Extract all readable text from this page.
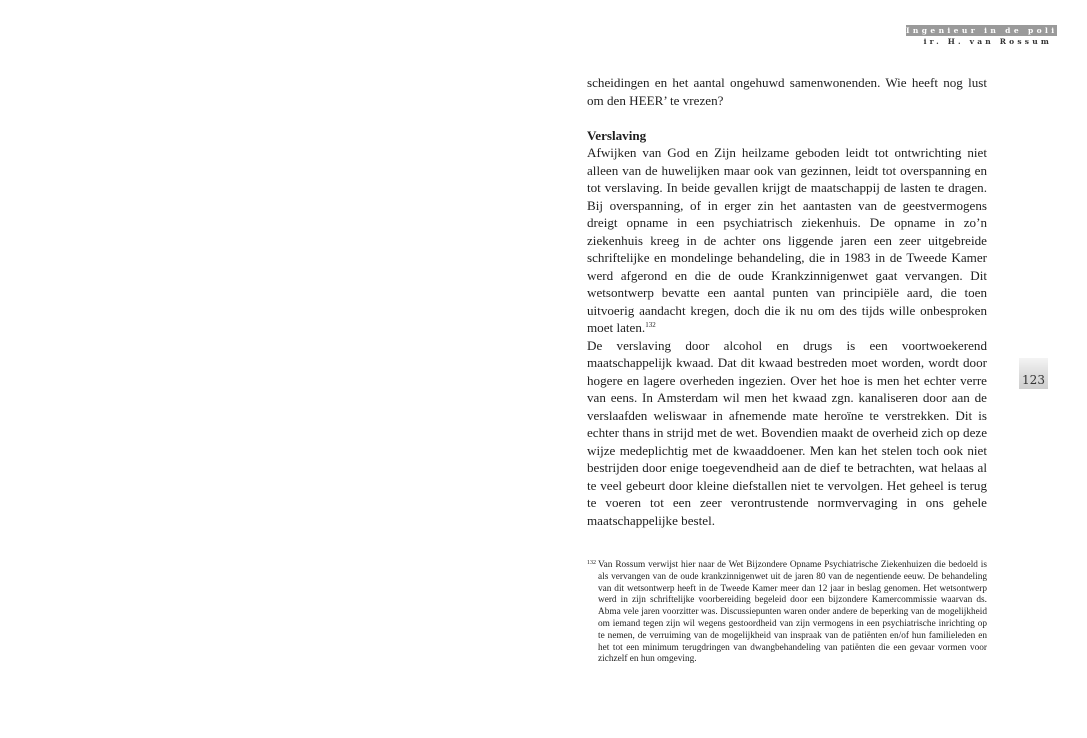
Ingenieur in de politiek
ir. H. van Rossum
123

scheidingen en het aantal ongehuwd samenwonenden. Wie heeft nog lust om den HEER’ te vrezen?

Verslaving

Afwijken van God en Zijn heilzame geboden leidt tot ontwrichting niet alleen van de huwelijken maar ook van gezinnen, leidt tot overspanning en tot verslaving. In beide gevallen krijgt de maatschappij de lasten te dragen. Bij overspanning, of in erger zin het aantasten van de geestvermogens dreigt opname in een psychiatrisch ziekenhuis. De opname in zo’n ziekenhuis kreeg in de achter ons liggende jaren een zeer uitgebreide schriftelijke en mondelinge behandeling, die in 1983 in de Tweede Kamer werd afgerond en die de oude Krankzinnigenwet gaat vervangen. Dit wetsontwerp bevatte een aantal punten van principiële aard, die toen uitvoerig aandacht kregen, doch die ik nu om des tijds wille onbesproken moet laten.$^{132}$

De verslaving door alcohol en drugs is een voortwoekerend maatschappelijk kwaad. Dat dit kwaad bestreden moet worden, wordt door hogere en lagere overheden ingezien. Over het hoe is men het echter verre van eens. In Amsterdam wil men het kwaad zgn. kanaliseren door aan de verslaafden weliswaar in afnemende mate heroïne te verstrekken. Dit is echter thans in strijd met de wet. Bovendien maakt de overheid zich op deze wijze medeplichtig met de kwaaddoener. Men kan het stelen toch ook niet bestrijden door enige toegevendheid aan de dief te betrachten, wat helaas al te veel gebeurt door kleine diefstallen niet te vervolgen. Het geheel is terug te voeren tot een zeer verontrustende normvervaging in ons gehele maatschappelijke bestel.

132 Van Rossum verwijst hier naar de Wet Bijzondere Opname Psychiatrische Ziekenhuizen die bedoeld is als vervangen van de oude krankzinnigenwet uit de jaren 80 van de negentiende eeuw. De behandeling van dit wetsontwerp heeft in de Tweede Kamer meer dan 12 jaar in beslag genomen. Het wetsontwerp werd in zijn schriftelijke voorbereiding begeleid door een bijzondere Kamercommissie waarvan ds. Abma vele jaren voorzitter was. Discussiepunten waren onder andere de beperking van de mogelijkheid om iemand tegen zijn wil wegens gestoordheid van zijn vermogens in een psychiatrische inrichting op te nemen, de verruiming van de mogelijkheid van inspraak van de patiënten en/of hun familieleden en het tot een minimum terugdringen van dwangbehandeling van patiënten die een gevaar vormen voor zichzelf en hun omgeving.
